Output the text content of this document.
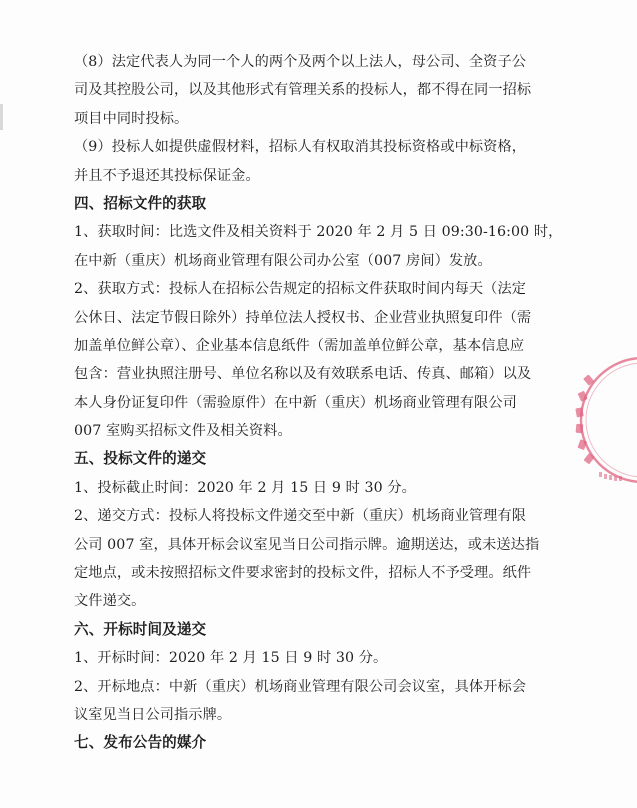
（8）法定代表人为同一个人的两个及两个以上法人，母公司、全资子公
司及其控股公司，以及其他形式有管理关系的投标人，都不得在同一招标
项目中同时投标。
（9）投标人如提供虚假材料，招标人有权取消其投标资格或中标资格，
并且不予退还其投标保证金。
四、招标文件的获取
1、获取时间：比选文件及相关资料于 2020 年 2 月 5 日 09:30-16:00 时，
在中新（重庆）机场商业管理有限公司办公室（007 房间）发放。
2、获取方式：投标人在招标公告规定的招标文件获取时间内每天（法定
公休日、法定节假日除外）持单位法人授权书、企业营业执照复印件（需
加盖单位鲜公章）、企业基本信息纸件（需加盖单位鲜公章，基本信息应
包含：营业执照注册号、单位名称以及有效联系电话、传真、邮箱）以及
本人身份证复印件（需验原件）在中新（重庆）机场商业管理有限公司
007 室购买招标文件及相关资料。
五、投标文件的递交
1、投标截止时间：2020 年 2 月 15 日 9 时 30 分。
2、递交方式：投标人将投标文件递交至中新（重庆）机场商业管理有限
公司 007 室，具体开标会议室见当日公司指示牌。逾期送达，或未送达指
定地点，或未按照招标文件要求密封的投标文件，招标人不予受理。纸件
文件递交。
六、开标时间及递交
1、开标时间：2020 年 2 月 15 日 9 时 30 分。
2、开标地点：中新（重庆）机场商业管理有限公司会议室，具体开标会
议室见当日公司指示牌。
七、发布公告的媒介
